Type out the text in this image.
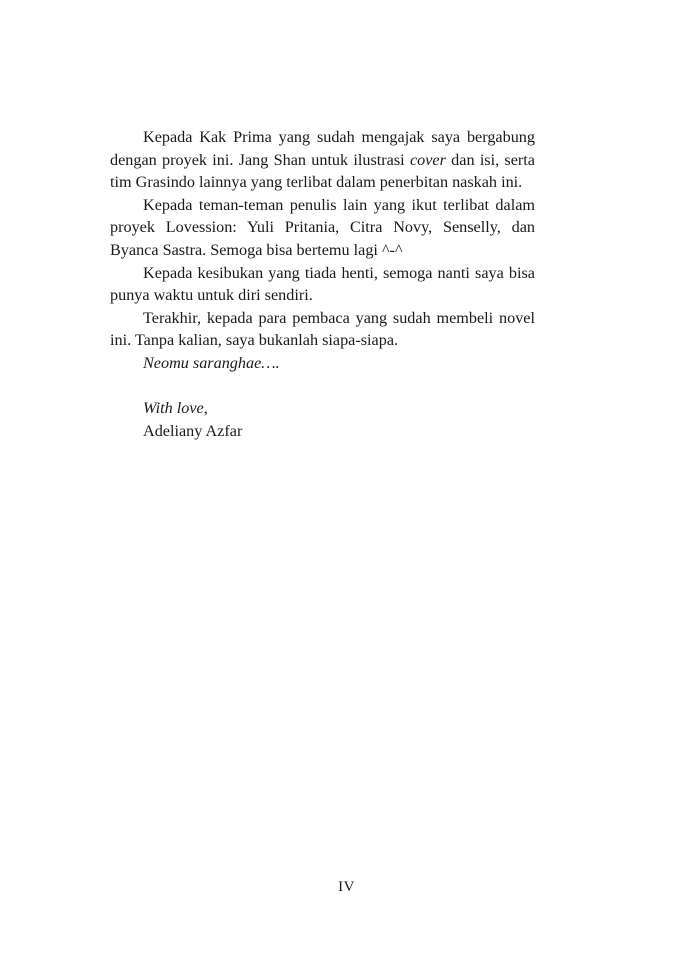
Kepada Kak Prima yang sudah mengajak saya bergabung dengan proyek ini. Jang Shan untuk ilustrasi cover dan isi, serta tim Grasindo lainnya yang terlibat dalam penerbitan naskah ini.

Kepada teman-teman penulis lain yang ikut terlibat dalam proyek Lovession: Yuli Pritania, Citra Novy, Senselly, dan Byanca Sastra. Semoga bisa bertemu lagi ^-^

Kepada kesibukan yang tiada henti, semoga nanti saya bisa punya waktu untuk diri sendiri.

Terakhir, kepada para pembaca yang sudah membeli novel ini. Tanpa kalian, saya bukanlah siapa-siapa.

Neomu saranghae….

With love,

Adeliany Azfar

IV
